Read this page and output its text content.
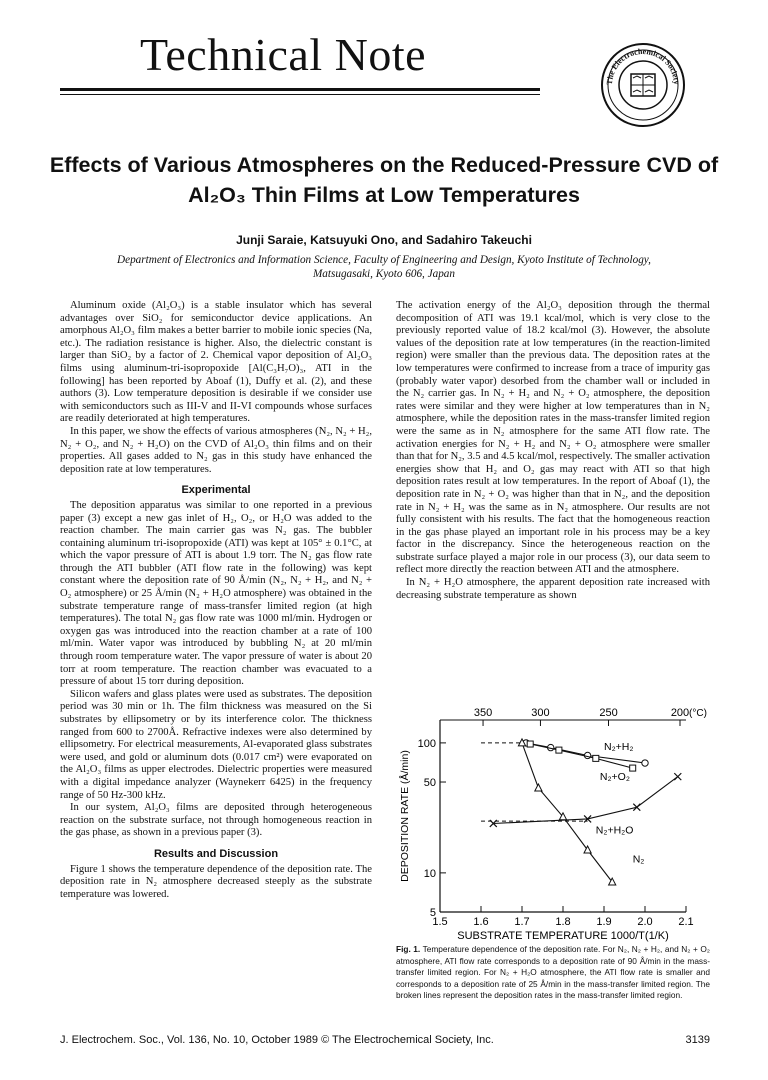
Technical Note
The Electrochemical Society
Effects of Various Atmospheres on the Reduced-Pressure CVD of
Al₂O₃ Thin Films at Low Temperatures
Junji Saraie, Katsuyuki Ono, and Sadahiro Takeuchi
Department of Electronics and Information Science, Faculty of Engineering and Design, Kyoto Institute of Technology,
Matsugasaki, Kyoto 606, Japan

Aluminum oxide (Al₂O₃) is a stable insulator which has several advantages over SiO₂ for semiconductor device applications. An amorphous Al₂O₃ film makes a better barrier to mobile ionic species (Na, etc.). The radiation resistance is higher. Also, the dielectric constant is larger than SiO₂ by a factor of 2. Chemical vapor deposition of Al₂O₃ films using aluminum-tri-isopropoxide [Al(C₃H₇O)₃, ATI in the following] has been reported by Aboaf (1), Duffy et al. (2), and these authors (3). Low temperature deposition is desirable if we consider use with semiconductors such as III-V and II-VI compounds whose surfaces are readily deteriorated at high temperatures.

In this paper, we show the effects of various atmospheres (N₂, N₂ + H₂, N₂ + O₂, and N₂ + H₂O) on the CVD of Al₂O₃ thin films and on their properties. All gases added to N₂ gas in this study have enhanced the deposition rate at low temperatures.

Experimental

The deposition apparatus was similar to one reported in a previous paper (3) except a new gas inlet of H₂, O₂, or H₂O was added to the reaction chamber. The main carrier gas was N₂ gas. The bubbler containing aluminum tri-isopropoxide (ATI) was kept at 105° ± 0.1°C, at which the vapor pressure of ATI is about 1.9 torr. The N₂ gas flow rate through the ATI bubbler (ATI flow rate in the following) was kept constant where the deposition rate of 90 Å/min (N₂, N₂ + H₂, and N₂ + O₂ atmosphere) or 25 Å/min (N₂ + H₂O atmosphere) was obtained in the substrate temperature range of mass-transfer limited region (at high temperatures). The total N₂ gas flow rate was 1000 ml/min. Hydrogen or oxygen gas was introduced into the reaction chamber at a rate of 100 ml/min. Water vapor was introduced by bubbling N₂ at 20 ml/min through room temperature water. The vapor pressure of water is about 20 torr at room temperature. The reaction chamber was evacuated to a pressure of about 15 torr during deposition.

Silicon wafers and glass plates were used as substrates. The deposition period was 30 min or 1h. The film thickness was measured on the Si substrates by ellipsometry or by its interference color. The thickness ranged from 600 to 2700Å. Refractive indexes were also determined by ellipsometry. For electrical measurements, Al-evaporated glass substrates were used, and gold or aluminum dots (0.017 cm²) were evaporated on the Al₂O₃ films as upper electrodes. Dielectric properties were measured with a digital impedance analyzer (Waynekerr 6425) in the frequency range of 50 Hz-300 kHz.

In our system, Al₂O₃ films are deposited through heterogeneous reaction on the substrate surface, not through homogeneous reaction in the gas phase, as shown in a previous paper (3).

Results and Discussion

Figure 1 shows the temperature dependence of the deposition rate. The deposition rate in N₂ atmosphere decreased steeply as the substrate temperature was lowered.

The activation energy of the Al₂O₃ deposition through the thermal decomposition of ATI was 19.1 kcal/mol, which is very close to the previously reported value of 18.2 kcal/mol (3). However, the absolute values of the deposition rate at low temperatures (in the reaction-limited region) were smaller than the previous data. The deposition rates at the low temperatures were confirmed to increase from a trace of impurity gas (probably water vapor) desorbed from the chamber wall or included in the N₂ carrier gas. In N₂ + H₂ and N₂ + O₂ atmosphere, the deposition rates were similar and they were higher at low temperatures than in N₂ atmosphere, while the deposition rates in the mass-transfer limited region were the same as in N₂ atmosphere for the same ATI flow rate. The activation energies for N₂ + H₂ and N₂ + O₂ atmosphere were smaller than that for N₂, 3.5 and 4.5 kcal/mol, respectively. The smaller activation energies show that H₂ and O₂ gas may react with ATI so that high deposition rates result at low temperatures. In the report of Aboaf (1), the deposition rate in N₂ + O₂ was higher than that in N₂, and the deposition rate in N₂ + H₂ was the same as in N₂ atmosphere. Our results are not fully consistent with his results. The fact that the homogeneous reaction in the gas phase played an important role in his process may be a key factor in the discrepancy. Since the heterogeneous reaction on the substrate surface played a major role in our process (3), our data seem to reflect more directly the reaction between ATI and the atmosphere.

In N₂ + H₂O atmosphere, the apparent deposition rate increased with decreasing substrate temperature as shown

1.5 1.6 1.7 1.8 1.9 2.0 2.1
5
10
50
100
350	300	250	200 (°C)
SUBSTRATE TEMPERATURE 1000/T(1/K)
DEPOSITION RATE (Å/min)
N₂+H₂
N₂+O₂
N₂+H₂O
N₂
Fig. 1. Temperature dependence of the deposition rate. For N₂, N₂ + H₂, and N₂ + O₂ atmosphere, ATI flow rate corresponds to a deposition rate of 90 Å/min in the mass-transfer limited region. For N₂ + H₂O atmosphere, the ATI flow rate is smaller and corresponds to a deposition rate of 25 Å/min in the mass-transfer limited region. The broken lines represent the deposition rates in the mass-transfer limited region.
J. Electrochem. Soc., Vol. 136, No. 10, October 1989 © The Electrochemical Society, Inc.	3139
